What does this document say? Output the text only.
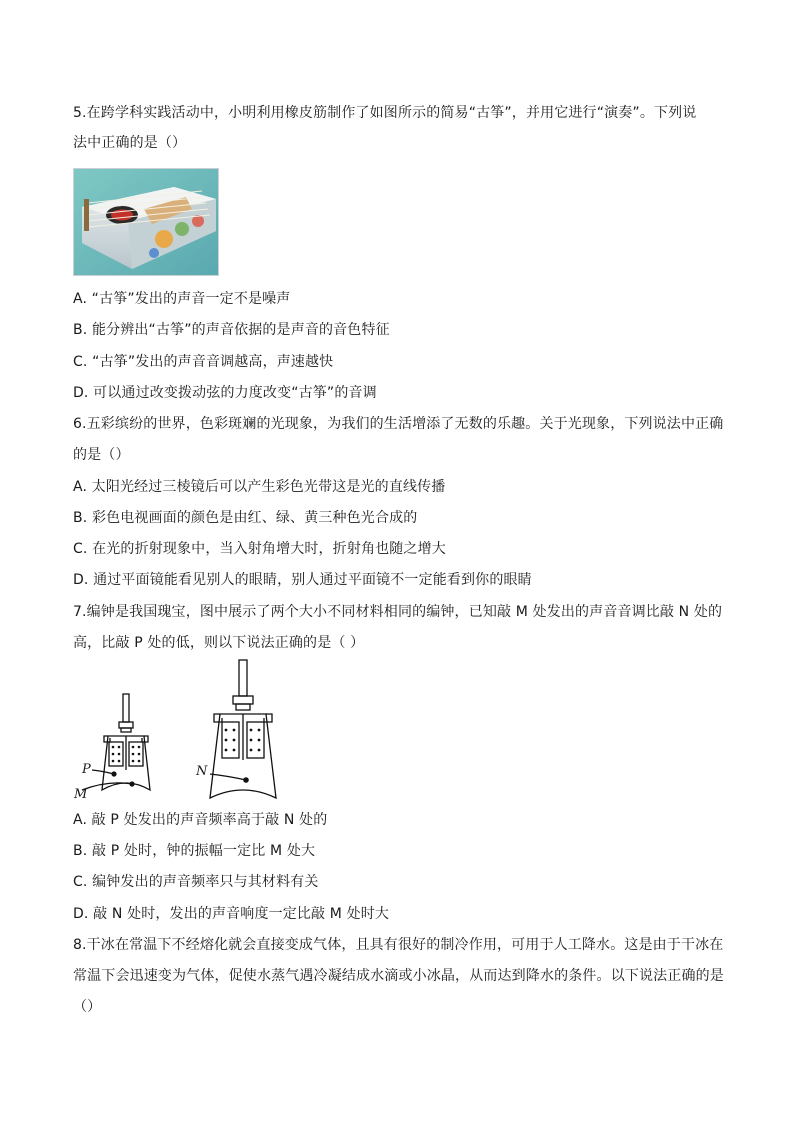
5.在跨学科实践活动中，小明利用橡皮筋制作了如图所示的简易“古筝”，并用它进行“演奏”。下列说
法中正确的是（）
A. “古筝”发出的声音一定不是噪声
B. 能分辨出“古筝”的声音依据的是声音的音色特征
C. “古筝”发出的声音音调越高，声速越快
D. 可以通过改变拨动弦的力度改变“古筝”的音调
6.五彩缤纷的世界，色彩斑斓的光现象，为我们的生活增添了无数的乐趣。关于光现象，下列说法中正确
的是（）
A. 太阳光经过三棱镜后可以产生彩色光带这是光的直线传播
B. 彩色电视画面的颜色是由红、绿、黄三种色光合成的
C. 在光的折射现象中，当入射角增大时，折射角也随之增大
D. 通过平面镜能看见别人的眼睛，别人通过平面镜不一定能看到你的眼睛
7.编钟是我国瑰宝，图中展示了两个大小不同材料相同的编钟，已知敲 M 处发出的声音音调比敲 N 处的
高，比敲 P 处的低，则以下说法正确的是（ ）
P
M
N
A. 敲 P 处发出的声音频率高于敲 N 处的
B. 敲 P 处时，钟的振幅一定比 M 处大
C. 编钟发出的声音频率只与其材料有关
D. 敲 N 处时，发出的声音响度一定比敲 M 处时大
8.干冰在常温下不经熔化就会直接变成气体，且具有很好的制冷作用，可用于人工降水。这是由于干冰在
常温下会迅速变为气体，促使水蒸气遇冷凝结成水滴或小冰晶，从而达到降水的条件。以下说法正确的是
（）
